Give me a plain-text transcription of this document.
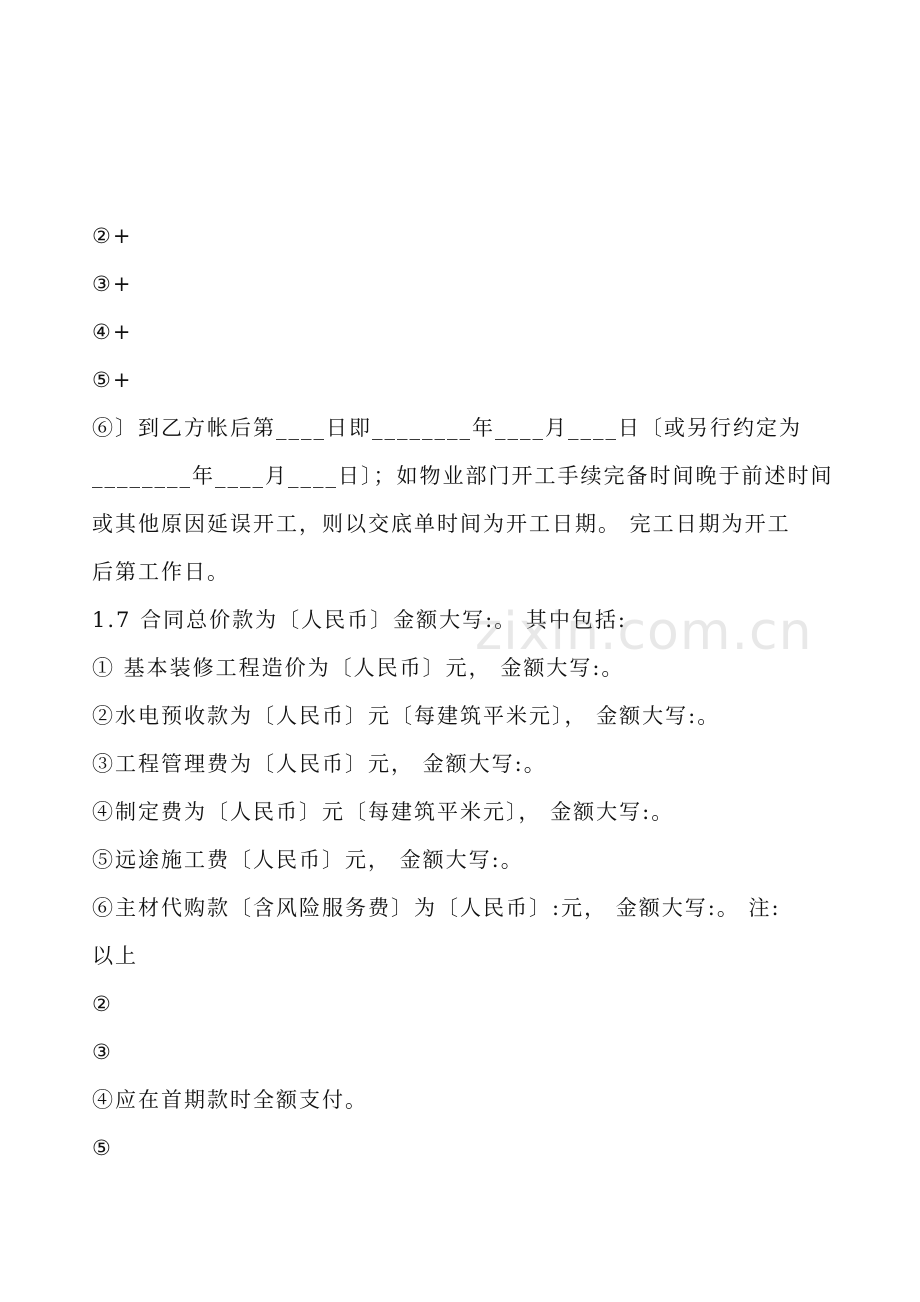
②+
③+
④+
⑤+
⑥〕到乙方帐后第____日即________年____月____日〔或另行约定为
________年____月____日〕；如物业部门开工手续完备时间晚于前述时间
或其他原因延误开工，则以交底单时间为开工日期。 完工日期为开工
后第工作日。
1.7 合同总价款为〔人民币〕金额大写:。 其中包括:
① 基本装修工程造价为〔人民币〕元， 金额大写:。
②水电预收款为〔人民币〕元〔每建筑平米元〕， 金额大写:。
③工程管理费为〔人民币〕元， 金额大写:。
④制定费为〔人民币〕元〔每建筑平米元〕， 金额大写:。
⑤远途施工费〔人民币〕元， 金额大写:。
⑥主材代购款〔含风险服务费〕为〔人民币〕:元， 金额大写:。 注:
以上
②
③
④应在首期款时全额支付。
⑤
zixin.com.cn
